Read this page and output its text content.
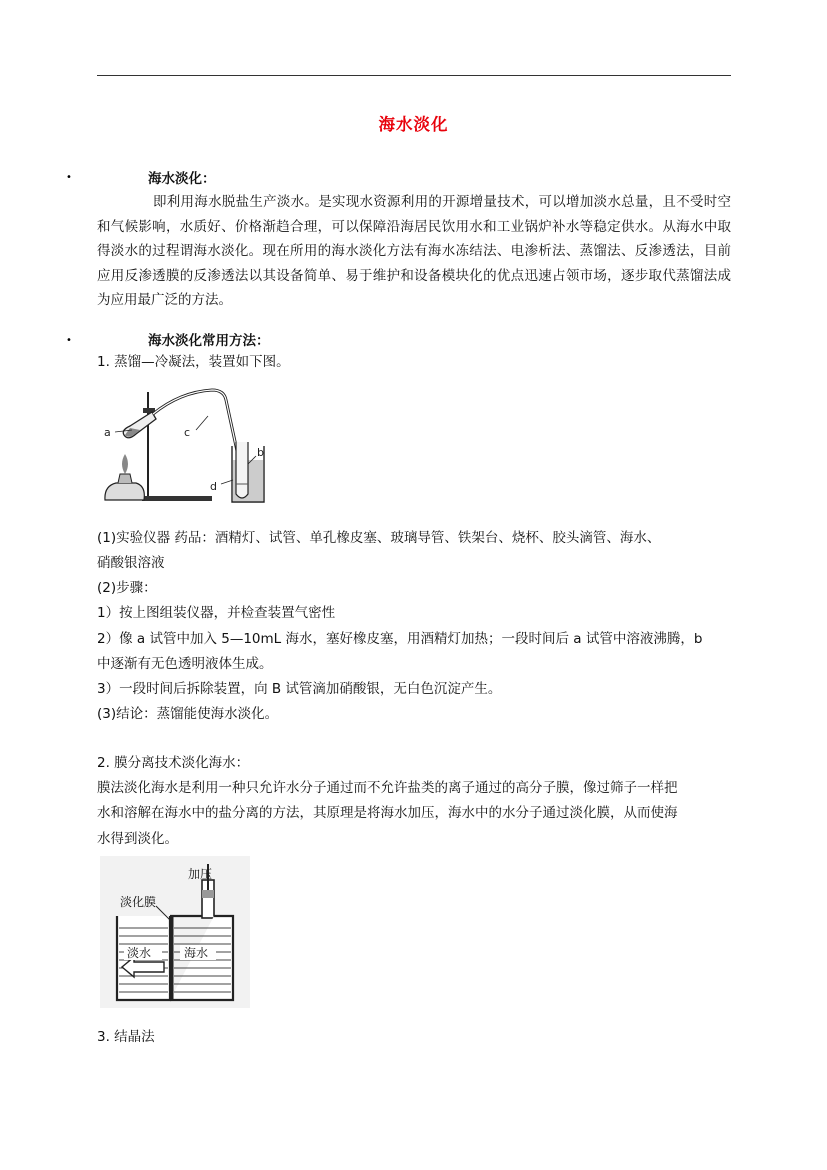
海水淡化
•	海水淡化：
即利用海水脱盐生产淡水。是实现水资源利用的开源增量技术，可以增加淡水总量，且不受时空和气候影响，水质好、价格渐趋合理，可以保障沿海居民饮用水和工业锅炉补水等稳定供水。从海水中取得淡水的过程谓海水淡化。现在所用的海水淡化方法有海水冻结法、电渗析法、蒸馏法、反渗透法，目前应用反渗透膜的反渗透法以其设备简单、易于维护和设备模块化的优点迅速占领市场，逐步取代蒸馏法成为应用最广泛的方法。
•	海水淡化常用方法：
1. 蒸馏—冷凝法，装置如下图。
a	c
b
d
(1)实验仪器 药品：酒精灯、试管、单孔橡皮塞、玻璃导管、铁架台、烧杯、胶头滴管、海水、
硝酸银溶液
(2)步骤：
1）按上图组装仪器，并检查装置气密性
2）像 a 试管中加入 5—10mL 海水，塞好橡皮塞，用酒精灯加热；一段时间后 a 试管中溶液沸腾，b
中逐渐有无色透明液体生成。
3）一段时间后拆除装置，向 B 试管滴加硝酸银，无白色沉淀产生。
(3)结论：蒸馏能使海水淡化。
2. 膜分离技术淡化海水：
膜法淡化海水是利用一种只允许水分子通过而不允许盐类的离子通过的高分子膜，像过筛子一样把
水和溶解在海水中的盐分离的方法，其原理是将海水加压，海水中的水分子通过淡化膜，从而使海
水得到淡化。
加压
淡化膜
淡水	海水
3. 结晶法
